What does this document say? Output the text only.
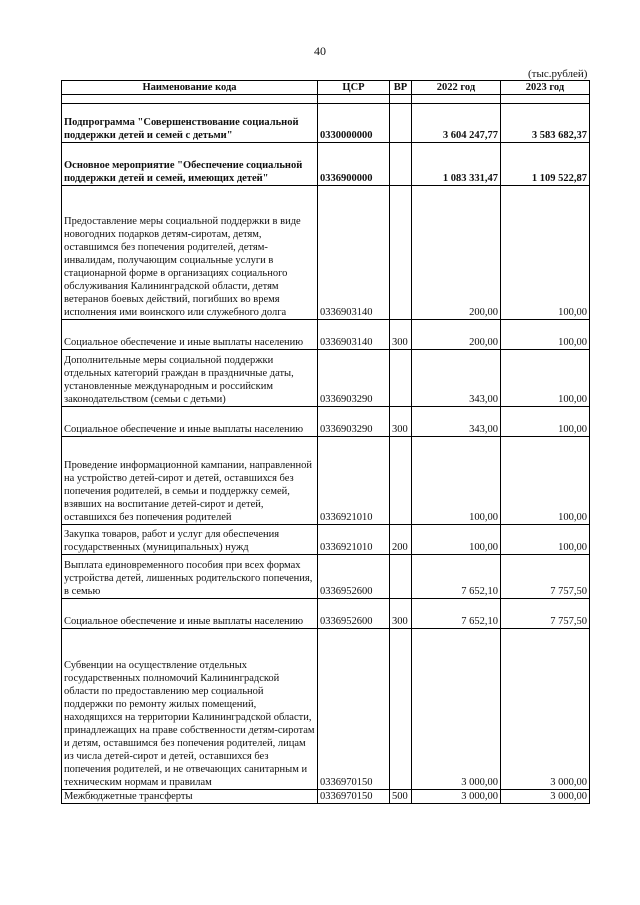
40
(тыс.рублей)
Наименование кода	ЦСР	ВР	2022 год	2023 год

Подпрограмма "Совершенствование социальной поддержки детей и семей с детьми"	0330000000		3 604 247,77	3 583 682,37
Основное мероприятие "Обеспечение социальной поддержки детей и семей, имеющих детей"	0336900000		1 083 331,47	1 109 522,87
Предоставление меры социальной поддержки в виде новогодних подарков детям-сиротам, детям, оставшимся без попечения родителей, детям-инвалидам, получающим социальные услуги в стационарной форме в организациях социального обслуживания Калининградской области, детям ветеранов боевых действий, погибших во время исполнения ими воинского или служебного долга	0336903140		200,00	100,00
Социальное обеспечение и иные выплаты населению	0336903140	300	200,00	100,00
Дополнительные меры социальной поддержки отдельных категорий граждан в праздничные даты, установленные международным и российским законодательством (семьи с детьми)	0336903290		343,00	100,00
Социальное обеспечение и иные выплаты населению	0336903290	300	343,00	100,00
Проведение информационной кампании, направленной на устройство детей-сирот и детей, оставшихся без попечения родителей, в семьи и поддержку семей, взявших на воспитание детей-сирот и детей, оставшихся без попечения родителей	0336921010		100,00	100,00
Закупка товаров, работ и услуг для обеспечения государственных (муниципальных) нужд	0336921010	200	100,00	100,00
Выплата единовременного пособия при всех формах устройства детей, лишенных родительского попечения, в семью	0336952600		7 652,10	7 757,50
Социальное обеспечение и иные выплаты населению	0336952600	300	7 652,10	7 757,50
Субвенции на осуществление отдельных государственных полномочий Калининградской области по предоставлению мер социальной поддержки по ремонту жилых помещений, находящихся на территории Калининградской области, принадлежащих на праве собственности детям-сиротам и детям, оставшимся без попечения родителей, лицам из числа детей-сирот и детей, оставшихся без попечения родителей, и не отвечающих санитарным и техническим нормам и правилам	0336970150		3 000,00	3 000,00
Межбюджетные трансферты	0336970150	500	3 000,00	3 000,00
